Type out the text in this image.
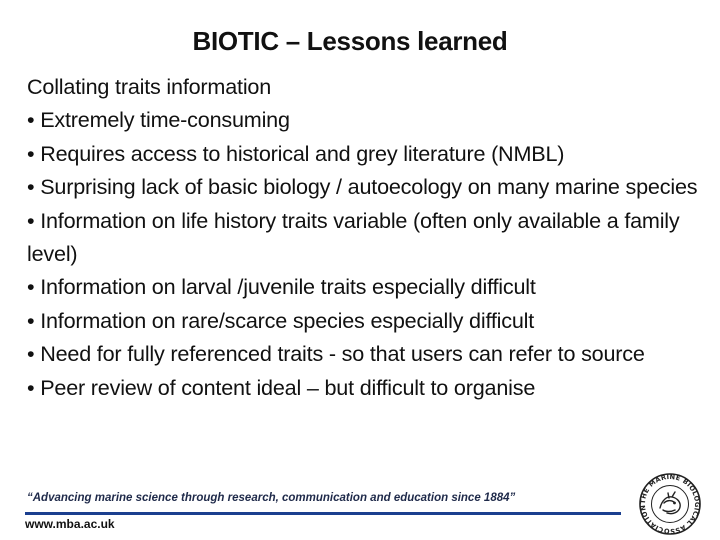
BIOTIC – Lessons learned
Collating traits information
• Extremely time-consuming
• Requires access to historical and grey literature (NMBL)
• Surprising lack of basic biology / autoecology on many marine species
• Information on life history traits variable (often only available a family level)
• Information on larval /juvenile traits especially difficult
• Information on rare/scarce species especially difficult
• Need for fully referenced traits - so that users can refer to source
• Peer review of content ideal – but difficult to organise
“Advancing marine science through research, communication and education since 1884”
www.mba.ac.uk
THE MARINE BIOLOGICAL ASSOCIATION
